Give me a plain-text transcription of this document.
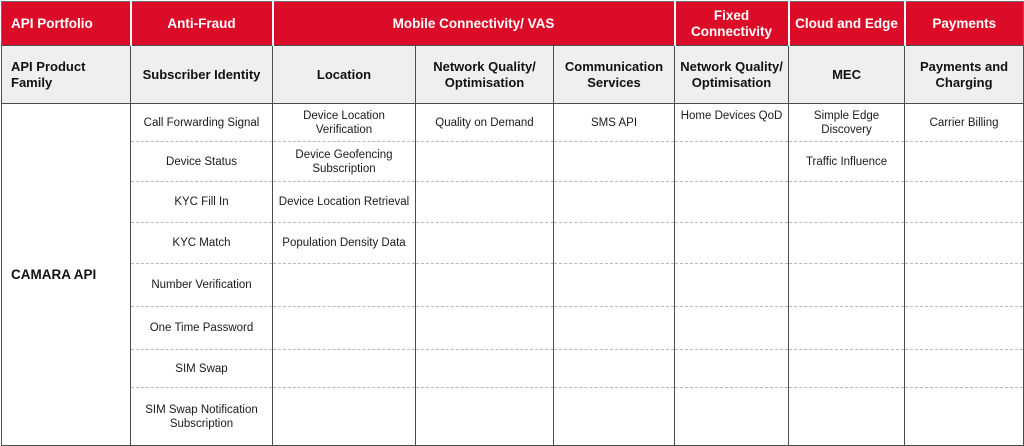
API Portfolio	Anti-Fraud	Mobile Connectivity/ VAS			Fixed Connectivity	Cloud and Edge	Payments
API Product Family	Subscriber Identity	Location	Network Quality/ Optimisation	Communication Services	Network Quality/ Optimisation	MEC	Payments and Charging
CAMARA API	Call Forwarding Signal	Device Location Verification	Quality on Demand	SMS API	Home Devices QoD	Simple Edge Discovery	Carrier Billing
	Device Status	Device Geofencing Subscription				Traffic Influence	
	KYC Fill In	Device Location Retrieval					
	KYC Match	Population Density Data					
	Number Verification						
	One Time Password						
	SIM Swap						
	SIM Swap Notification Subscription						
